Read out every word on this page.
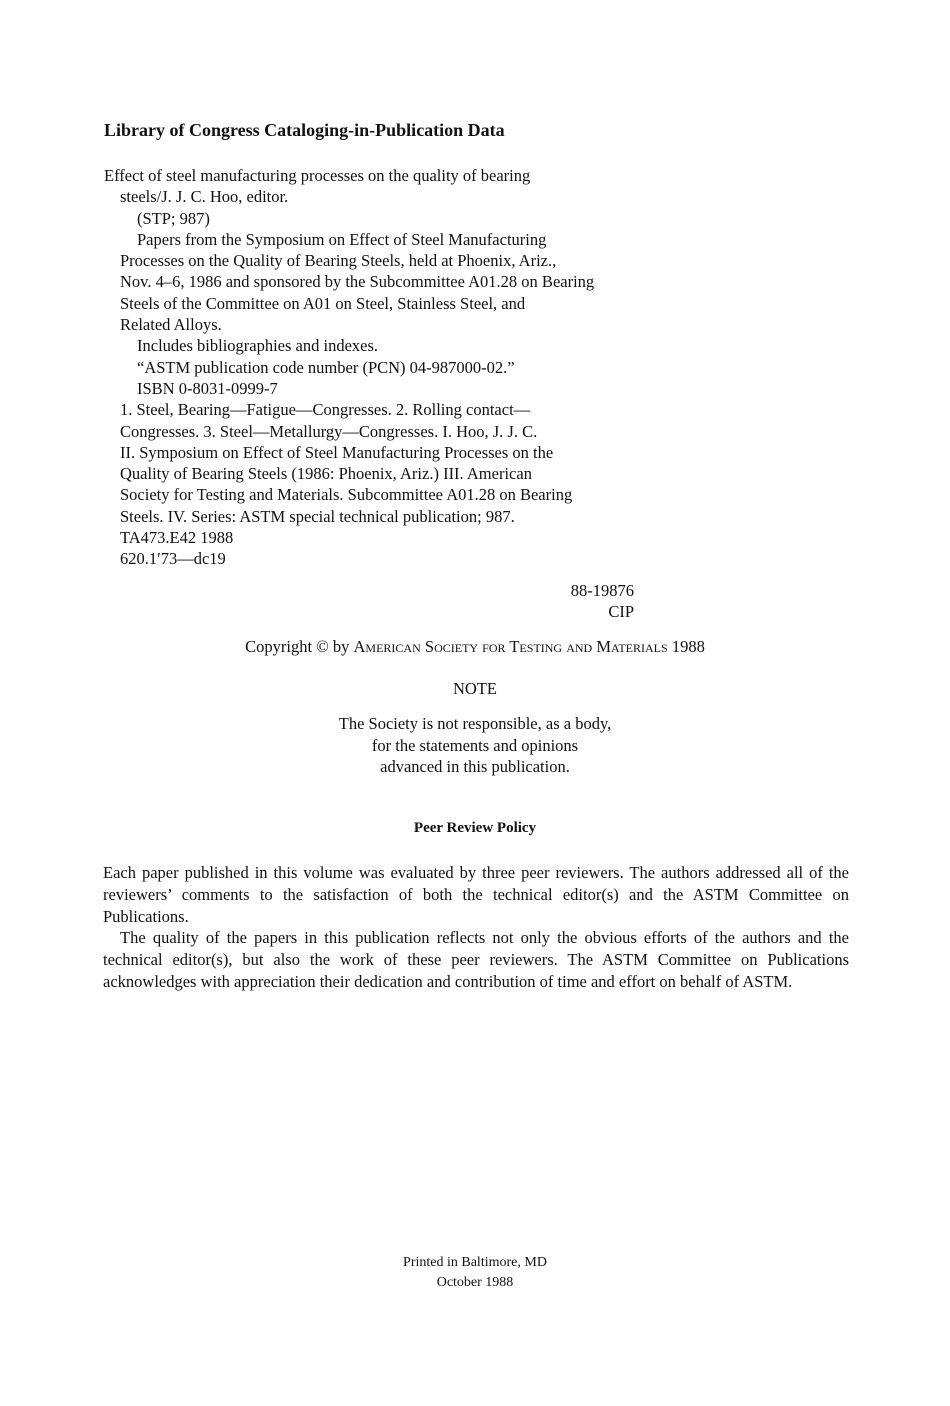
Library of Congress Cataloging-in-Publication Data
Effect of steel manufacturing processes on the quality of bearing
steels/J. J. C. Hoo, editor.
(STP; 987)
Papers from the Symposium on Effect of Steel Manufacturing
Processes on the Quality of Bearing Steels, held at Phoenix, Ariz.,
Nov. 4–6, 1986 and sponsored by the Subcommittee A01.28 on Bearing
Steels of the Committee on A01 on Steel, Stainless Steel, and
Related Alloys.
Includes bibliographies and indexes.
“ASTM publication code number (PCN) 04-987000-02.”
ISBN 0-8031-0999-7
1. Steel, Bearing—Fatigue—Congresses. 2. Rolling contact—
Congresses. 3. Steel—Metallurgy—Congresses. I. Hoo, J. J. C.
II. Symposium on Effect of Steel Manufacturing Processes on the
Quality of Bearing Steels (1986: Phoenix, Ariz.) III. American
Society for Testing and Materials. Subcommittee A01.28 on Bearing
Steels. IV. Series: ASTM special technical publication; 987.
TA473.E42 1988
620.1′73—dc19
88-19876
CIP
Copyright © by American Society for Testing and Materials 1988
NOTE
The Society is not responsible, as a body,
for the statements and opinions
advanced in this publication.
Peer Review Policy

Each paper published in this volume was evaluated by three peer reviewers. The authors addressed all of the reviewers’ comments to the satisfaction of both the technical editor(s) and the ASTM Committee on Publications.

The quality of the papers in this publication reflects not only the obvious efforts of the authors and the technical editor(s), but also the work of these peer reviewers. The ASTM Committee on Publications acknowledges with appreciation their dedication and contribution of time and effort on behalf of ASTM.

Printed in Baltimore, MD
October 1988
